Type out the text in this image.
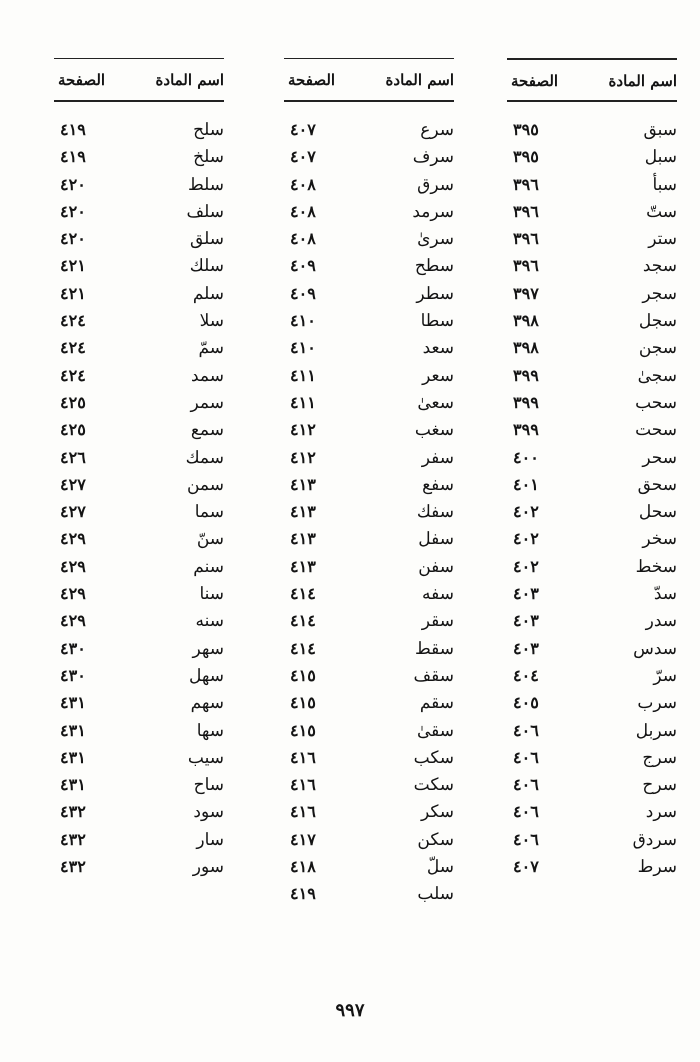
اسم المادة
الصفحة
سلح
٤١٩
سلخ
٤١٩
سلط
٤٢٠
سلف
٤٢٠
سلق
٤٢٠
سلك
٤٢١
سلم
٤٢١
سلا
٤٢٤
سمّ
٤٢٤
سمد
٤٢٤
سمر
٤٢٥
سمع
٤٢٥
سمك
٤٢٦
سمن
٤٢٧
سما
٤٢٧
سنّ
٤٢٩
سنم
٤٢٩
سنا
٤٢٩
سنه
٤٢٩
سهر
٤٣٠
سهل
٤٣٠
سهم
٤٣١
سها
٤٣١
سيب
٤٣١
ساح
٤٣١
سود
٤٣٢
سار
٤٣٢
سور
٤٣٢
اسم المادة
الصفحة
سرع
٤٠٧
سرف
٤٠٧
سرق
٤٠٨
سرمد
٤٠٨
سرىٰ
٤٠٨
سطح
٤٠٩
سطر
٤٠٩
سطا
٤١٠
سعد
٤١٠
سعر
٤١١
سعىٰ
٤١١
سغب
٤١٢
سفر
٤١٢
سفع
٤١٣
سفك
٤١٣
سفل
٤١٣
سفن
٤١٣
سفه
٤١٤
سقر
٤١٤
سقط
٤١٤
سقف
٤١٥
سقم
٤١٥
سقىٰ
٤١٥
سكب
٤١٦
سكت
٤١٦
سكر
٤١٦
سكن
٤١٧
سلّ
٤١٨
سلب
٤١٩
اسم المادة
الصفحة
سبق
٣٩٥
سبل
٣٩٥
سبأ
٣٩٦
ستّ
٣٩٦
ستر
٣٩٦
سجد
٣٩٦
سجر
٣٩٧
سجل
٣٩٨
سجن
٣٩٨
سجىٰ
٣٩٩
سحب
٣٩٩
سحت
٣٩٩
سحر
٤٠٠
سحق
٤٠١
سحل
٤٠٢
سخر
٤٠٢
سخط
٤٠٢
سدّ
٤٠٣
سدر
٤٠٣
سدس
٤٠٣
سرّ
٤٠٤
سرب
٤٠٥
سربل
٤٠٦
سرج
٤٠٦
سرح
٤٠٦
سرد
٤٠٦
سردق
٤٠٦
سرط
٤٠٧
٩٩٧
